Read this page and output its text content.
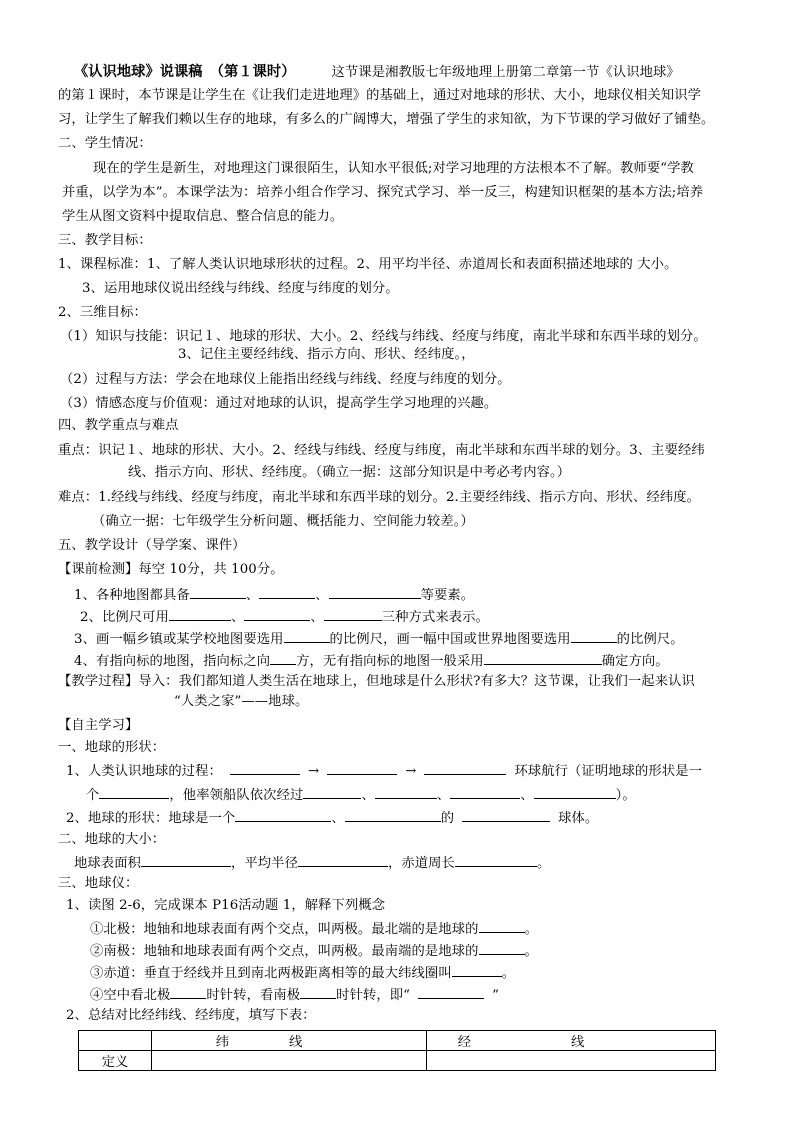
《认识地球》说课稿　（第１课时）	这节课是湘教版七年级地理上册第二章第一节《认识地球》
的第１课时，本节课是让学生在《让我们走进地理》的基础上，通过对地球的形状、大小，地球仪相关知识学
习，让学生了解我们赖以生存的地球，有多么的广阔博大，增强了学生的求知欲，为下节课的学习做好了铺垫。
二、学生情况：
现在的学生是新生，对地理这门课很陌生，认知水平很低;对学习地理的方法根本不了解。教师要“学教
并重，以学为本”。本课学法为：培养小组合作学习、探究式学习、举一反三，构建知识框架的基本方法;培养
学生从图文资料中提取信息、整合信息的能力。
三、教学目标：
1、课程标准：1、了解人类认识地球形状的过程。2、用平均半径、赤道周长和表面积描述地球的 大小。
3、运用地球仪说出经线与纬线、经度与纬度的划分。
2、三维目标：
（1）知识与技能：识记１、地球的形状、大小。2、经线与纬线、经度与纬度，南北半球和东西半球的划分。
3、记住主要经纬线、指示方向、形状、经纬度。，
（2）过程与方法：学会在地球仪上能指出经线与纬线、经度与纬度的划分。
（3）情感态度与价值观：通过对地球的认识，提高学生学习地理的兴趣。
四、教学重点与难点
重点：识记１、地球的形状、大小。2、经线与纬线、经度与纬度，南北半球和东西半球的划分。3、主要经纬
线、指示方向、形状、经纬度。（确立一据：这部分知识是中考必考内容。）
难点：1.经线与纬线、经度与纬度，南北半球和东西半球的划分。2.主要经纬线、指示方向、形状、经纬度。
（确立一据：七年级学生分析问题、概括能力、空间能力较差。）
五、教学设计（导学案、课件）
【课前检测】每空 10分，共 100分。
1、各种地图都具备	、	、	等要素。
2、比例尺可用	、	、	三种方式来表示。
3、画一幅乡镇或某学校地图要选用	的比例尺，画一幅中国或世界地图要选用	的比例尺。
4、有指向标的地图，指向标之向 方，无有指向标的地图一般采用	确定方向。
【教学过程】导入：我们都知道人类生活在地球上，但地球是什么形状?有多大？这节课，让我们一起来认识
“人类之家”——地球。
【自主学习】
一、地球的形状：
1、人类认识地球的过程：	→	→	环球航行（证明地球的形状是一
个	，他率领船队依次经过	、	、	、	）。
2、地球的形状：地球是一个	、	的	球体。
二、地球的大小：
地球表面积	，平均半径	，赤道周长	。
三、地球仪：
1、读图 2-6，完成课本 P16活动题 1，解释下列概念
①北极：地轴和地球表面有两个交点，叫两极。最北端的是地球的	。
②南极：地轴和地球表面有两个交点，叫两极。最南端的是地球的	。
③赤道：垂直于经线并且到南北两极距离相等的最大纬线圈叫	。
④空中看北极	时针转，看南极	时针转，即“	”
	纬线	经线
定义		
2、总结对比经纬线、经纬度，填写下表：
